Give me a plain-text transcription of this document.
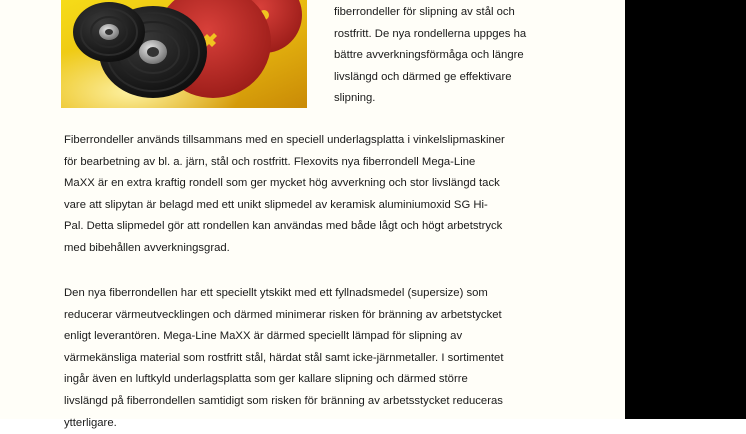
fiberrondeller för slipning av stål och
rostfritt. De nya rondellerna uppges ha
bättre avverkningsförmåga och längre
livslängd och därmed ge effektivare
slipning.
Fiberrondeller används tillsammans med en speciell underlagsplatta i vinkelslipmaskiner
för bearbetning av bl. a. järn, stål och rostfritt. Flexovits nya fiberrondell Mega-Line
MaXX är en extra kraftig rondell som ger mycket hög avverkning och stor livslängd tack
vare att slipytan är belagd med ett unikt slipmedel av keramisk aluminiumoxid SG Hi-
Pal. Detta slipmedel gör att rondellen kan användas med både lågt och högt arbetstryck
med bibehållen avverkningsgrad.
Den nya fiberrondellen har ett speciellt ytskikt med ett fyllnadsmedel (supersize) som
reducerar värmeutvecklingen och därmed minimerar risken för bränning av arbetstycket
enligt leverantören. Mega-Line MaXX är därmed speciellt lämpad för slipning av
värmekänsliga material som rostfritt stål, härdat stål samt icke-järnmetaller. I sortimentet
ingår även en luftkyld underlagsplatta som ger kallare slipning och därmed större
livslängd på fiberrondellen samtidigt som risken för bränning av arbetsstycket reduceras
ytterligare.
